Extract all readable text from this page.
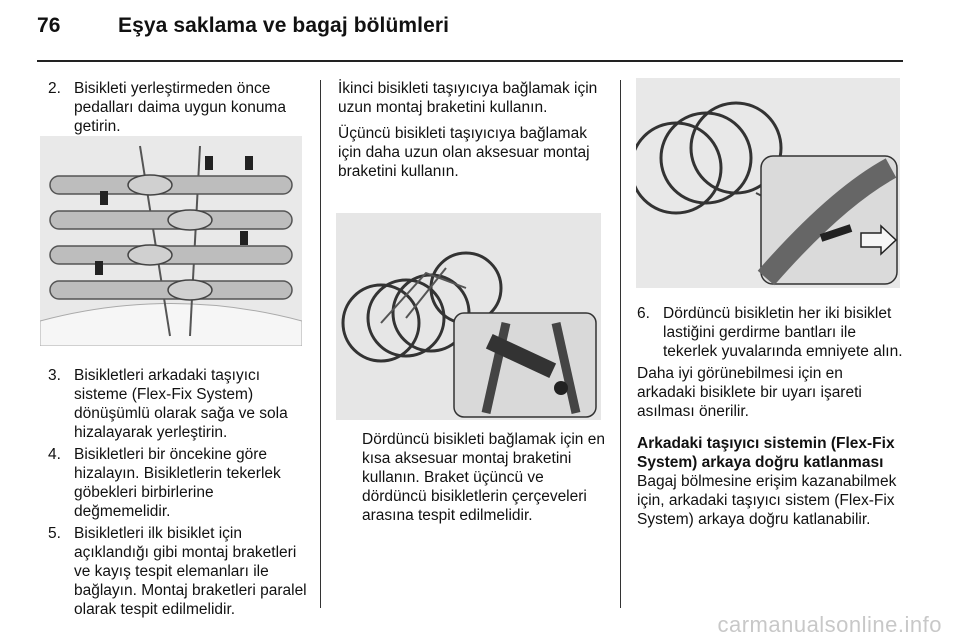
76	Eşya saklama ve bagaj bölümleri
2. Bisikleti yerleştirmeden önce pedalları daima uygun konuma getirin.
3. Bisikletleri arkadaki taşıyıcı sisteme (Flex-Fix System) dönüşümlü olarak sağa ve sola hizalayarak yerleştirin.
4. Bisikletleri bir öncekine göre hizalayın. Bisikletlerin tekerlek göbekleri birbirlerine değmemelidir.
5. Bisikletleri ilk bisiklet için açıklandığı gibi montaj braketleri ve kayış tespit elemanları ile bağlayın. Montaj braketleri paralel olarak tespit edilmelidir.

İkinci bisikleti taşıyıcıya bağlamak için uzun montaj braketini kullanın.

Üçüncü bisikleti taşıyıcıya bağlamak için daha uzun olan aksesuar montaj braketini kullanın.

Dördüncü bisikleti bağlamak için en kısa aksesuar montaj braketini kullanın. Braket üçüncü ve dördüncü bisikletlerin çerçeveleri arasına tespit edilmelidir.

6. Dördüncü bisikletin her iki bisiklet lastiğini gerdirme bantları ile tekerlek yuvalarında emniyete alın.

Daha iyi görünebilmesi için en arkadaki bisiklete bir uyarı işareti asılması önerilir.

Arkadaki taşıyıcı sistemin (Flex-Fix System) arkaya doğru katlanması

Bagaj bölmesine erişim kazanabilmek için, arkadaki taşıyıcı sistem (Flex-Fix System) arkaya doğru katlanabilir.

carmanualsonline.info
